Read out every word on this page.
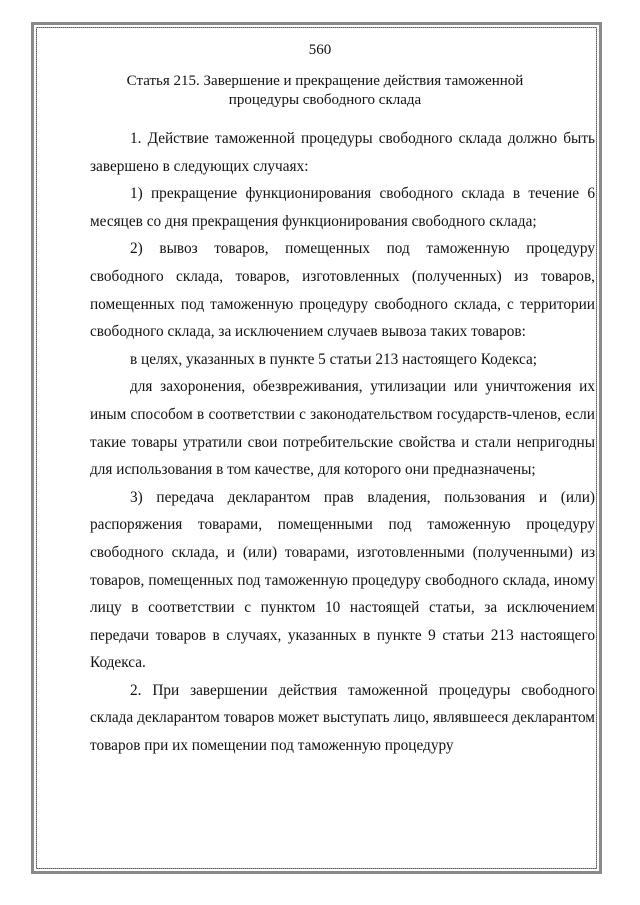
560
Статья 215. Завершение и прекращение действия таможенной
процедуры свободного склада

1. Действие таможенной процедуры свободного склада должно быть завершено в следующих случаях:

1) прекращение функционирования свободного склада в течение 6 месяцев со дня прекращения функционирования свободного склада;

2) вывоз товаров, помещенных под таможенную процедуру свободного склада, товаров, изготовленных (полученных) из товаров, помещенных под таможенную процедуру свободного склада, с территории свободного склада, за исключением случаев вывоза таких товаров:

в целях, указанных в пункте 5 статьи 213 настоящего Кодекса;

для захоронения, обезвреживания, утилизации или уничтожения их иным способом в соответствии с законодательством государств-членов, если такие товары утратили свои потребительские свойства и стали непригодны для использования в том качестве, для которого они предназначены;

3) передача декларантом прав владения, пользования и (или) распоряжения товарами, помещенными под таможенную процедуру свободного склада, и (или) товарами, изготовленными (полученными) из товаров, помещенных под таможенную процедуру свободного склада, иному лицу в соответствии с пунктом 10 настоящей статьи, за исключением передачи товаров в случаях, указанных в пункте 9 статьи 213 настоящего Кодекса.

2. При завершении действия таможенной процедуры свободного склада декларантом товаров может выступать лицо, являвшееся декларантом товаров при их помещении под таможенную процедуру
